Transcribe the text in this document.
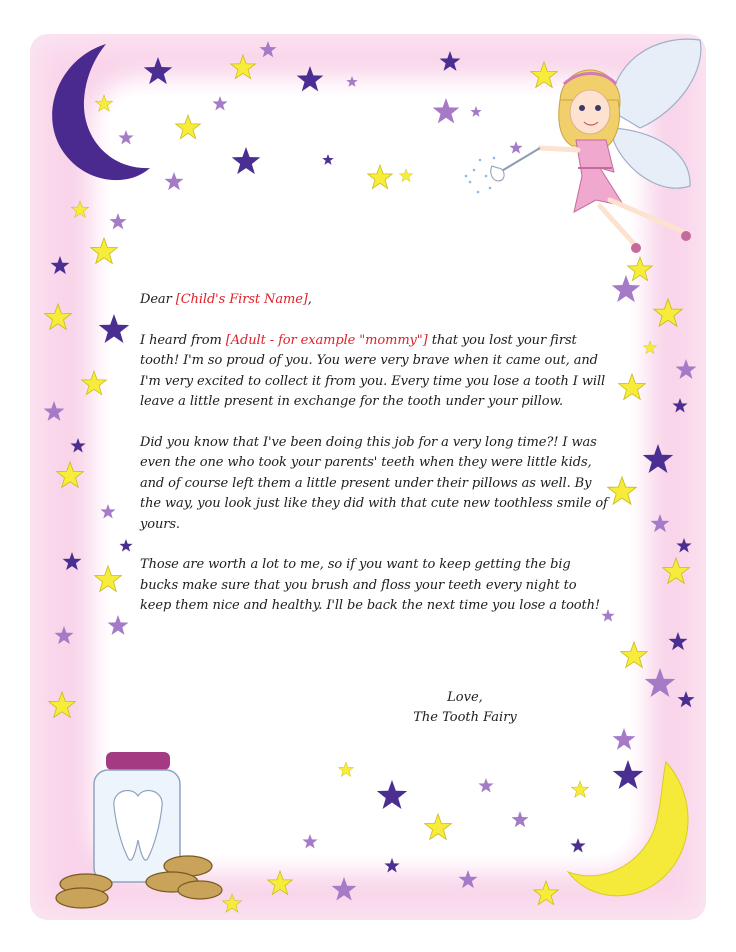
Dear [Child's First Name],

I heard from [Adult - for example "mommy"] that you lost your first tooth! I'm so proud of you. You were very brave when it came out, and I'm very excited to collect it from you. Every time you lose a tooth I will leave a little present in exchange for the tooth under your pillow.

Did you know that I've been doing this job for a very long time?! I was even the one who took your parents' teeth when they were little kids, and of course left them a little present under their pillows as well. By the way, you look just like they did with that cute new toothless smile of yours.

Those are worth a lot to me, so if you want to keep getting the big bucks make sure that you brush and floss your teeth every night to keep them nice and healthy. I'll be back the next time you lose a tooth!

Love,
The Tooth Fairy
